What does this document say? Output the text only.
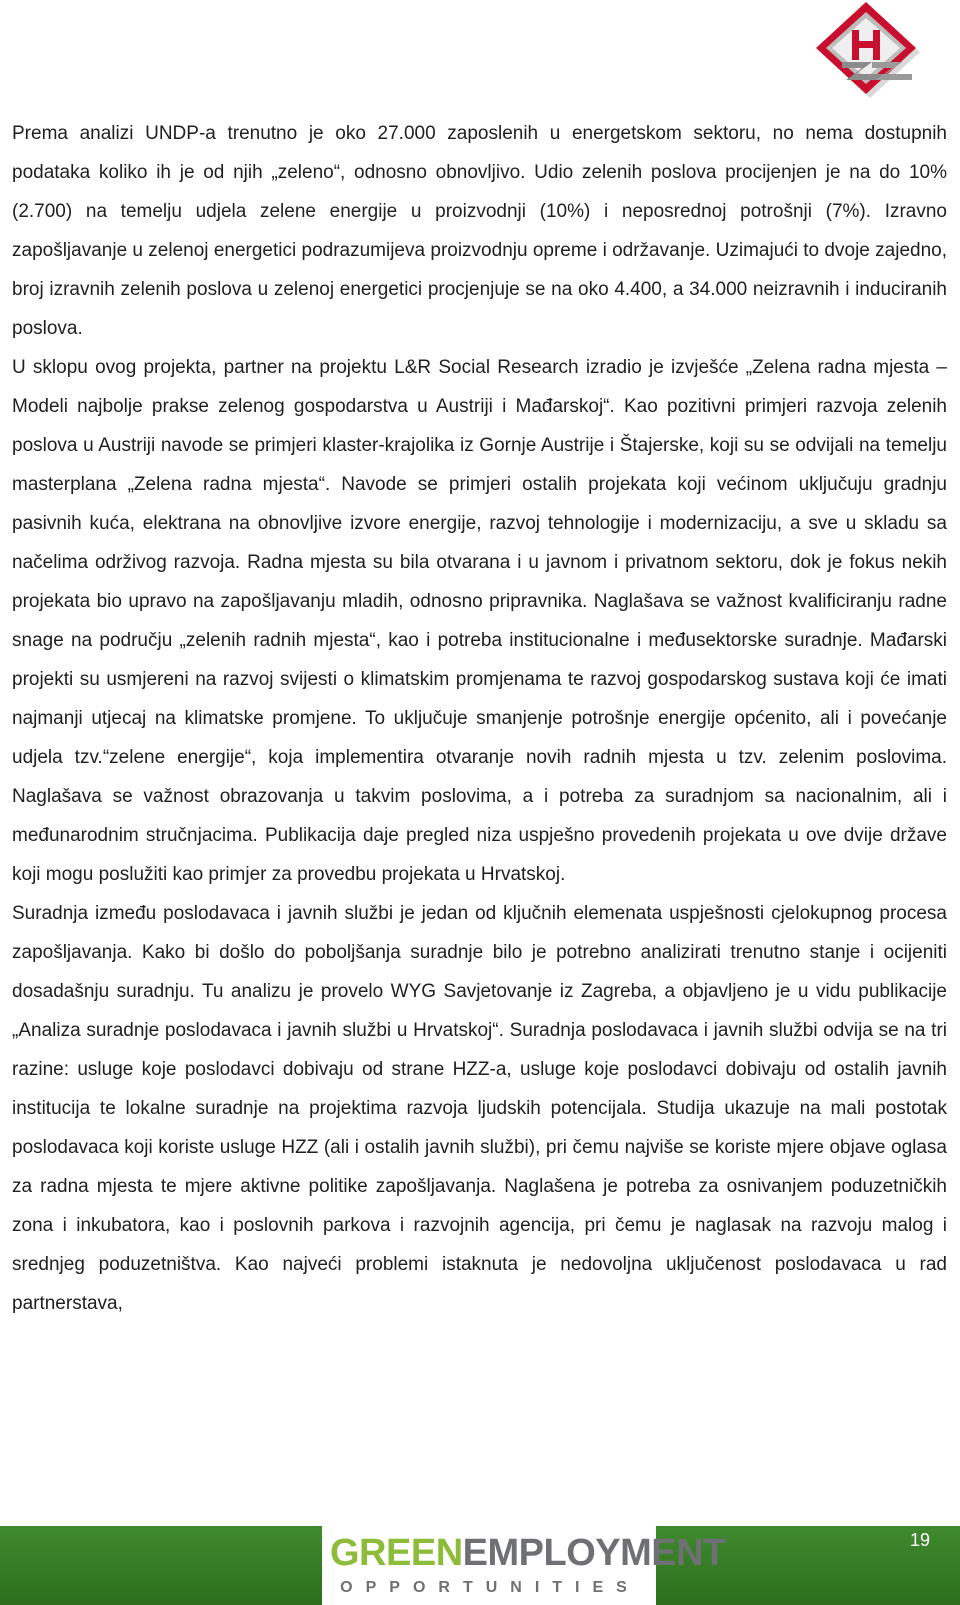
Prema analizi UNDP-a trenutno je oko 27.000 zaposlenih u energetskom sektoru, no nema dostupnih podataka koliko ih je od njih „zeleno“, odnosno obnovljivo. Udio zelenih poslova procijenjen je na do 10% (2.700) na temelju udjela zelene energije u proizvodnji (10%) i neposrednoj potrošnji (7%). Izravno zapošljavanje u zelenoj energetici podrazumijeva proizvodnju opreme i održavanje. Uzimajući to dvoje zajedno, broj izravnih zelenih poslova u zelenoj energetici procjenjuje se na oko 4.400, a 34.000 neizravnih i induciranih poslova.

U sklopu ovog projekta, partner na projektu L&R Social Research izradio je izvješće „Zelena radna mjesta – Modeli najbolje prakse zelenog gospodarstva u Austriji i Mađarskoj“. Kao pozitivni primjeri razvoja zelenih poslova u Austriji navode se primjeri klaster-krajolika iz Gornje Austrije i Štajerske, koji su se odvijali na temelju masterplana „Zelena radna mjesta“. Navode se primjeri ostalih projekata koji većinom uključuju gradnju pasivnih kuća, elektrana na obnovljive izvore energije, razvoj tehnologije i modernizaciju, a sve u skladu sa načelima održivog razvoja. Radna mjesta su bila otvarana i u javnom i privatnom sektoru, dok je fokus nekih projekata bio upravo na zapošljavanju mladih, odnosno pripravnika. Naglašava se važnost kvalificiranju radne snage na području „zelenih radnih mjesta“, kao i potreba institucionalne i međusektorske suradnje. Mađarski projekti su usmjereni na razvoj svijesti o klimatskim promjenama te razvoj gospodarskog sustava koji će imati najmanji utjecaj na klimatske promjene. To uključuje smanjenje potrošnje energije općenito, ali i povećanje udjela tzv.“zelene energije“, koja implementira otvaranje novih radnih mjesta u tzv. zelenim poslovima. Naglašava se važnost obrazovanja u takvim poslovima, a i potreba za suradnjom sa nacionalnim, ali i međunarodnim stručnjacima. Publikacija daje pregled niza uspješno provedenih projekata u ove dvije države koji mogu poslužiti kao primjer za provedbu projekata u Hrvatskoj.

Suradnja između poslodavaca i javnih službi je jedan od ključnih elemenata uspješnosti cjelokupnog procesa zapošljavanja. Kako bi došlo do poboljšanja suradnje bilo je potrebno analizirati trenutno stanje i ocijeniti dosadašnju suradnju. Tu analizu je provelo WYG Savjetovanje iz Zagreba, a objavljeno je u vidu publikacije „Analiza suradnje poslodavaca i javnih službi u Hrvatskoj“. Suradnja poslodavaca i javnih službi odvija se na tri razine: usluge koje poslodavci dobivaju od strane HZZ-a, usluge koje poslodavci dobivaju od ostalih javnih institucija te lokalne suradnje na projektima razvoja ljudskih potencijala. Studija ukazuje na mali postotak poslodavaca koji koriste usluge HZZ (ali i ostalih javnih službi), pri čemu najviše se koriste mjere objave oglasa za radna mjesta te mjere aktivne politike zapošljavanja. Naglašena je potreba za osnivanjem poduzetničkih zona i inkubatora, kao i poslovnih parkova i razvojnih agencija, pri čemu je naglasak na razvoju malog i srednjeg poduzetništva. Kao najveći problemi istaknuta je nedovoljna uključenost poslodavaca u rad partnerstava,

GREENEMPLOYMENT
OPPORTUNITIES
19
